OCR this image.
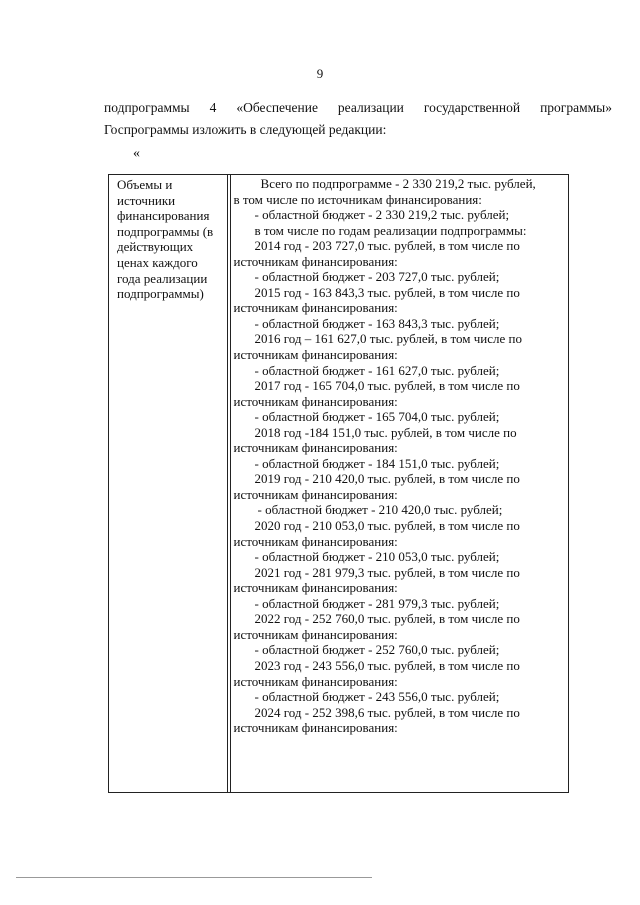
9
подпрограммы 4 «Обеспечение реализации государственной программы»
Госпрограммы изложить в следующей редакции:
«
Объемы и источники финансирования подпрограммы (в действующих ценах каждого года реализации подпрограммы)
Всего по подпрограмме - 2 330 219,2 тыс. рублей,
в том числе по источникам финансирования:
- областной бюджет - 2 330 219,2 тыс. рублей;
в том числе по годам реализации подпрограммы:
2014 год - 203 727,0 тыс. рублей, в том числе по
источникам финансирования:
- областной бюджет - 203 727,0 тыс. рублей;
2015 год - 163 843,3 тыс. рублей, в том числе по
источникам финансирования:
- областной бюджет - 163 843,3 тыс. рублей;
2016 год – 161 627,0 тыс. рублей, в том числе по
источникам финансирования:
- областной бюджет - 161 627,0 тыс. рублей;
2017 год - 165 704,0 тыс. рублей, в том числе по
источникам финансирования:
- областной бюджет - 165 704,0 тыс. рублей;
2018 год -184 151,0 тыс. рублей, в том числе по
источникам финансирования:
- областной бюджет - 184 151,0 тыс. рублей;
2019 год - 210 420,0 тыс. рублей, в том числе по
источникам финансирования:
- областной бюджет - 210 420,0 тыс. рублей;
2020 год - 210 053,0 тыс. рублей, в том числе по
источникам финансирования:
- областной бюджет - 210 053,0 тыс. рублей;
2021 год - 281 979,3 тыс. рублей, в том числе по
источникам финансирования:
- областной бюджет - 281 979,3 тыс. рублей;
2022 год - 252 760,0 тыс. рублей, в том числе по
источникам финансирования:
- областной бюджет - 252 760,0 тыс. рублей;
2023 год - 243 556,0 тыс. рублей, в том числе по
источникам финансирования:
- областной бюджет - 243 556,0 тыс. рублей;
2024 год - 252 398,6 тыс. рублей, в том числе по
источникам финансирования:
